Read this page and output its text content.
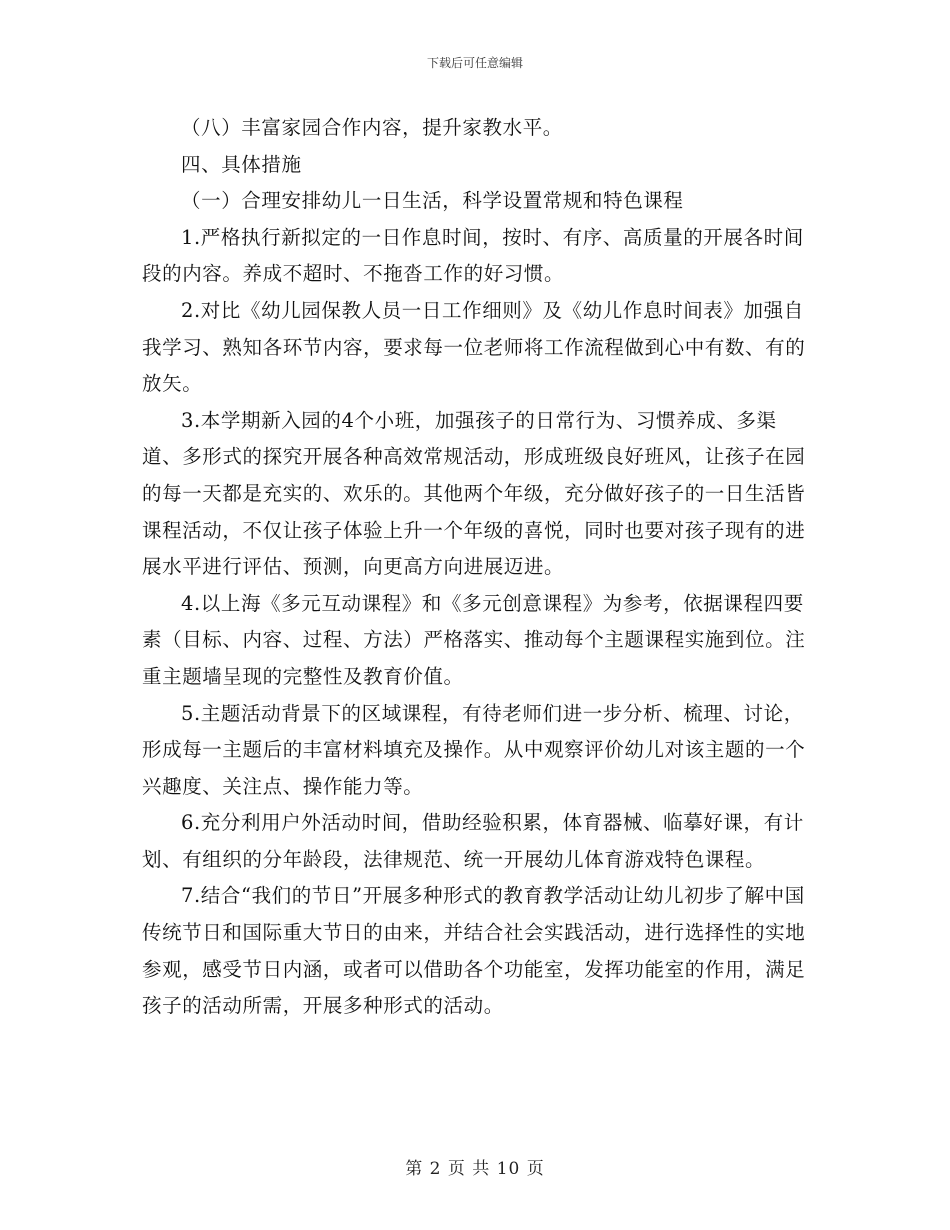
下载后可任意编辑

（八）丰富家园合作内容，提升家教水平。

四、具体措施

（一）合理安排幼儿一日生活，科学设置常规和特色课程

1.严格执行新拟定的一日作息时间，按时、有序、高质量的开展各时间段的内容。养成不超时、不拖沓工作的好习惯。

2.对比《幼儿园保教人员一日工作细则》及《幼儿作息时间表》加强自我学习、熟知各环节内容，要求每一位老师将工作流程做到心中有数、有的放矢。

3.本学期新入园的4个小班，加强孩子的日常行为、习惯养成、多渠道、多形式的探究开展各种高效常规活动，形成班级良好班风，让孩子在园的每一天都是充实的、欢乐的。其他两个年级，充分做好孩子的一日生活皆课程活动，不仅让孩子体验上升一个年级的喜悦，同时也要对孩子现有的进展水平进行评估、预测，向更高方向进展迈进。

4.以上海《多元互动课程》和《多元创意课程》为参考，依据课程四要素（目标、内容、过程、方法）严格落实、推动每个主题课程实施到位。注重主题墙呈现的完整性及教育价值。

5.主题活动背景下的区域课程，有待老师们进一步分析、梳理、讨论，形成每一主题后的丰富材料填充及操作。从中观察评价幼儿对该主题的一个兴趣度、关注点、操作能力等。

6.充分利用户外活动时间，借助经验积累，体育器械、临摹好课，有计划、有组织的分年龄段，法律规范、统一开展幼儿体育游戏特色课程。

7.结合“我们的节日”开展多种形式的教育教学活动让幼儿初步了解中国传统节日和国际重大节日的由来，并结合社会实践活动，进行选择性的实地参观，感受节日内涵，或者可以借助各个功能室，发挥功能室的作用，满足孩子的活动所需，开展多种形式的活动。

第 2 页 共 10 页
